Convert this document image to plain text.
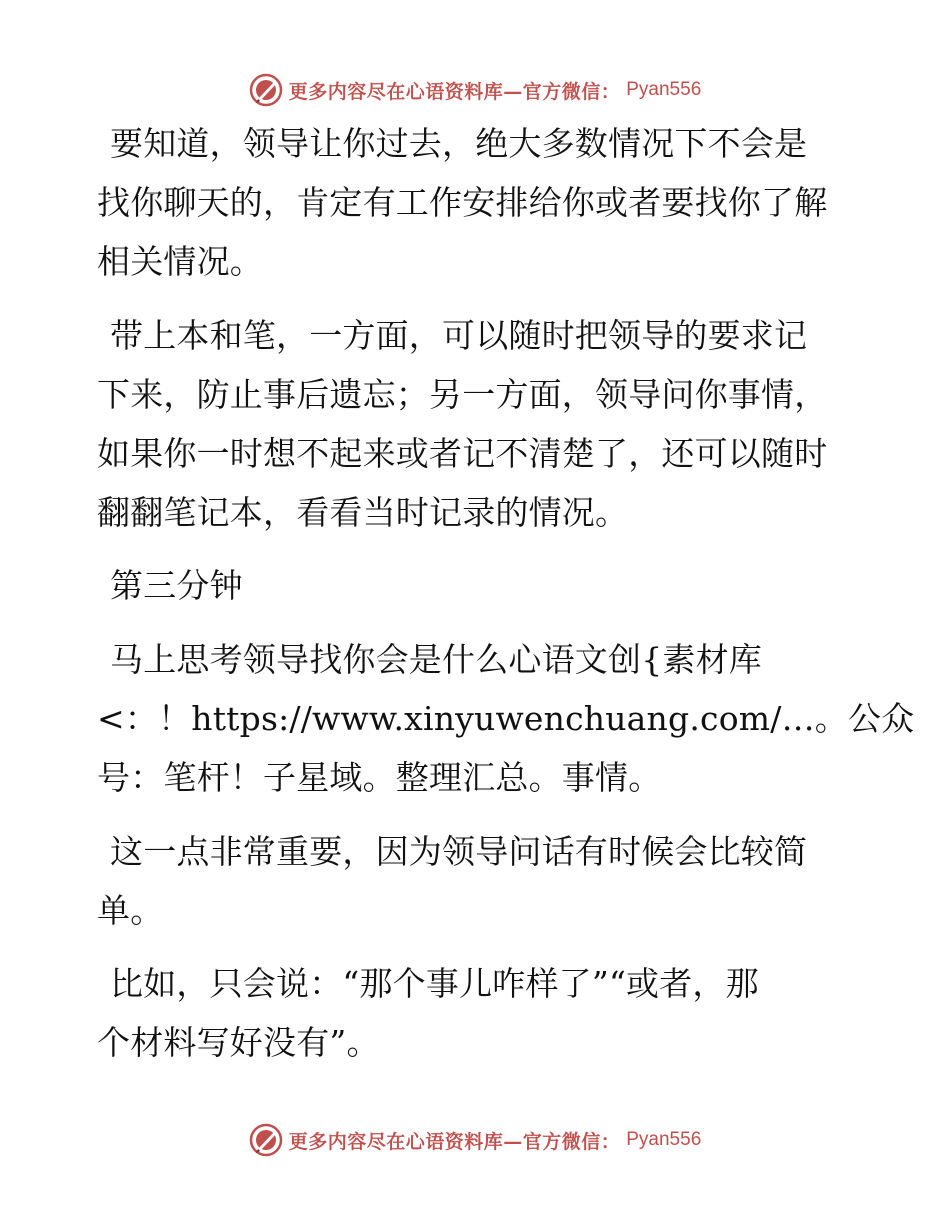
更多内容尽在心语资料库—官方微信： Pyan556
要知道，领导让你过去，绝大多数情况下不会是
找你聊天的，肯定有工作安排给你或者要找你了解
相关情况。
带上本和笔，一方面，可以随时把领导的要求记
下来，防止事后遗忘；另一方面，领导问你事情，
如果你一时想不起来或者记不清楚了，还可以随时
翻翻笔记本，看看当时记录的情况。
第三分钟
马上思考领导找你会是什么心语文创{素材库
<：！https://www.xinyuwenchuang.com/…。公众
号：笔杆！子星域。整理汇总。事情。
这一点非常重要，因为领导问话有时候会比较简
单。
比如，只会说：“那个事儿咋样了”“或者，那
个材料写好没有”。
更多内容尽在心语资料库—官方微信： Pyan556
